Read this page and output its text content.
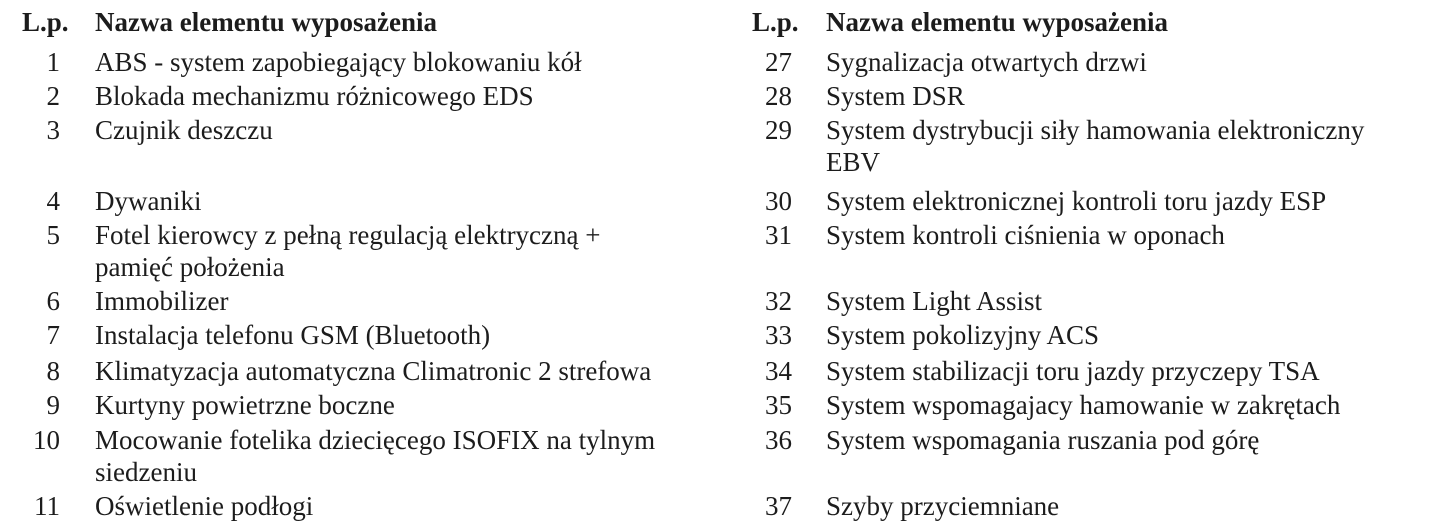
L.p. Nazwa elementu wyposażenia
1 ABS - system zapobiegający blokowaniu kół
2 Blokada mechanizmu różnicowego EDS
3 Czujnik deszczu
4 Dywaniki
5 Fotel kierowcy z pełną regulacją elektryczną +
pamięć położenia
6 Immobilizer
7 Instalacja telefonu GSM (Bluetooth)
8 Klimatyzacja automatyczna Climatronic 2 strefowa
9 Kurtyny powietrzne boczne
10 Mocowanie fotelika dziecięcego ISOFIX na tylnym
siedzeniu
11 Oświetlenie podłogi
L.p. Nazwa elementu wyposażenia
27 Sygnalizacja otwartych drzwi
28 System DSR
29 System dystrybucji siły hamowania elektroniczny
EBV
30 System elektronicznej kontroli toru jazdy ESP
31 System kontroli ciśnienia w oponach
32 System Light Assist
33 System pokolizyjny ACS
34 System stabilizacji toru jazdy przyczepy TSA
35 System wspomagajacy hamowanie w zakrętach
36 System wspomagania ruszania pod górę
37 Szyby przyciemniane
